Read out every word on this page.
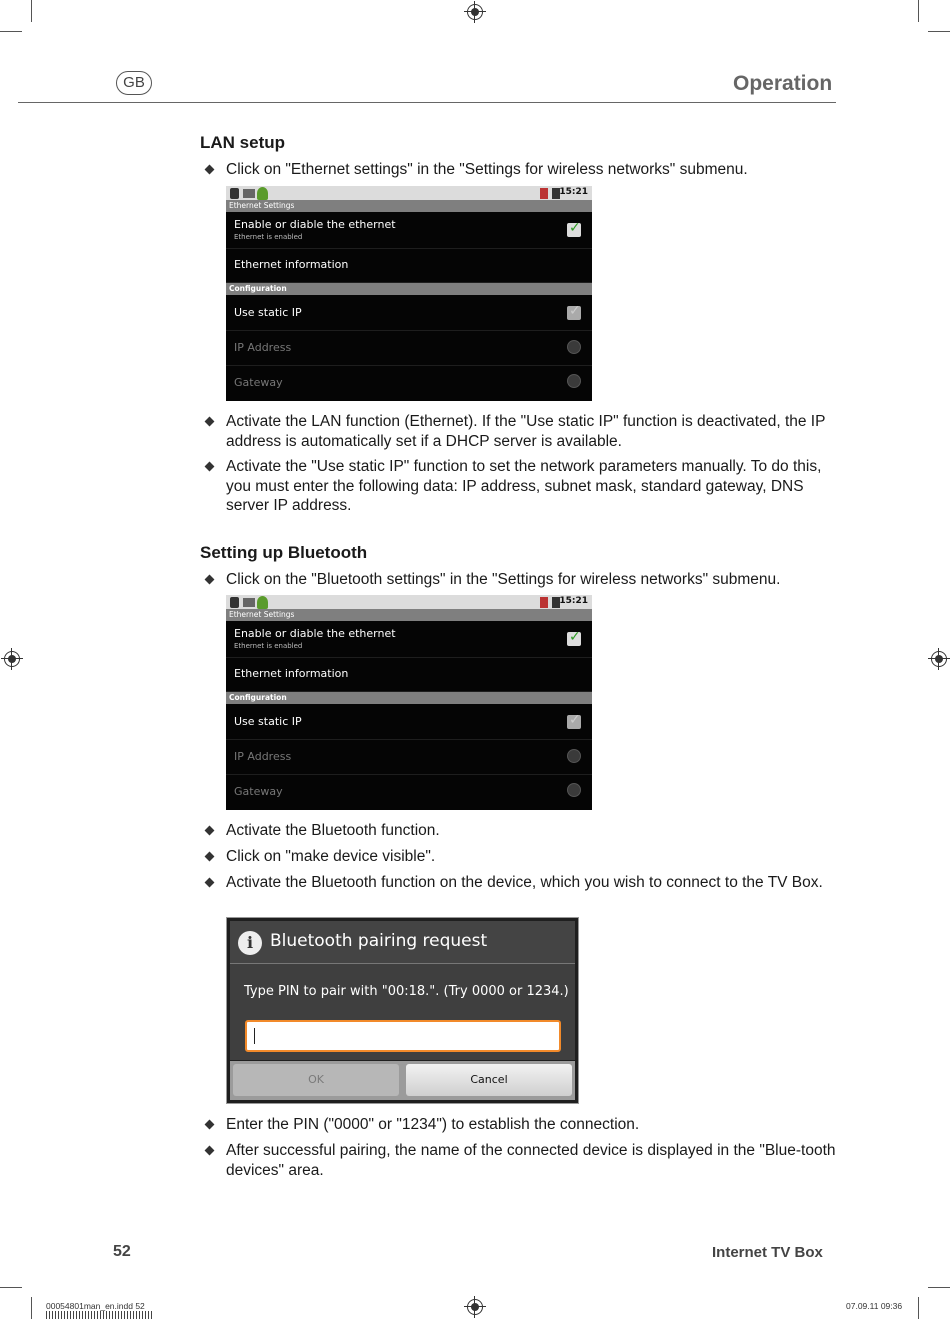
GB	Operation
LAN setup
Click on "Ethernet settings" in the "Settings for wireless networks" submenu.
15:21
Ethernet Settings
Enable or diable the ethernet
Ethernet is enabled
✓
Ethernet information
Configuration
Use static IP	✓
IP Address
Gateway
Activate the LAN function (Ethernet). If the "Use static IP" function is deactivated, the IP address is automatically set if a DHCP server is available.
Activate the "Use static IP" function to set the network parameters manually. To do this, you must enter the following data: IP address, subnet mask, standard gateway, DNS server IP address.
Setting up Bluetooth
Click on the "Bluetooth settings" in the "Settings for wireless networks" submenu.
15:21
Ethernet Settings
Enable or diable the ethernet
Ethernet is enabled
✓
Ethernet information
Configuration
Use static IP	✓
IP Address
Gateway
Activate the Bluetooth function.
Click on "make device visible".
Activate the Bluetooth function on the device, which you wish to connect to the TV Box.
i Bluetooth pairing request
Type PIN to pair with "00:18.". (Try 0000 or 1234.)
OK	Cancel
Enter the PIN ("0000" or "1234") to establish the connection.
After successful pairing, the name of the connected device is displayed in the "Blue-tooth devices" area.
52	Internet TV Box
00054801man_en.indd 52	07.09.11 09:36
